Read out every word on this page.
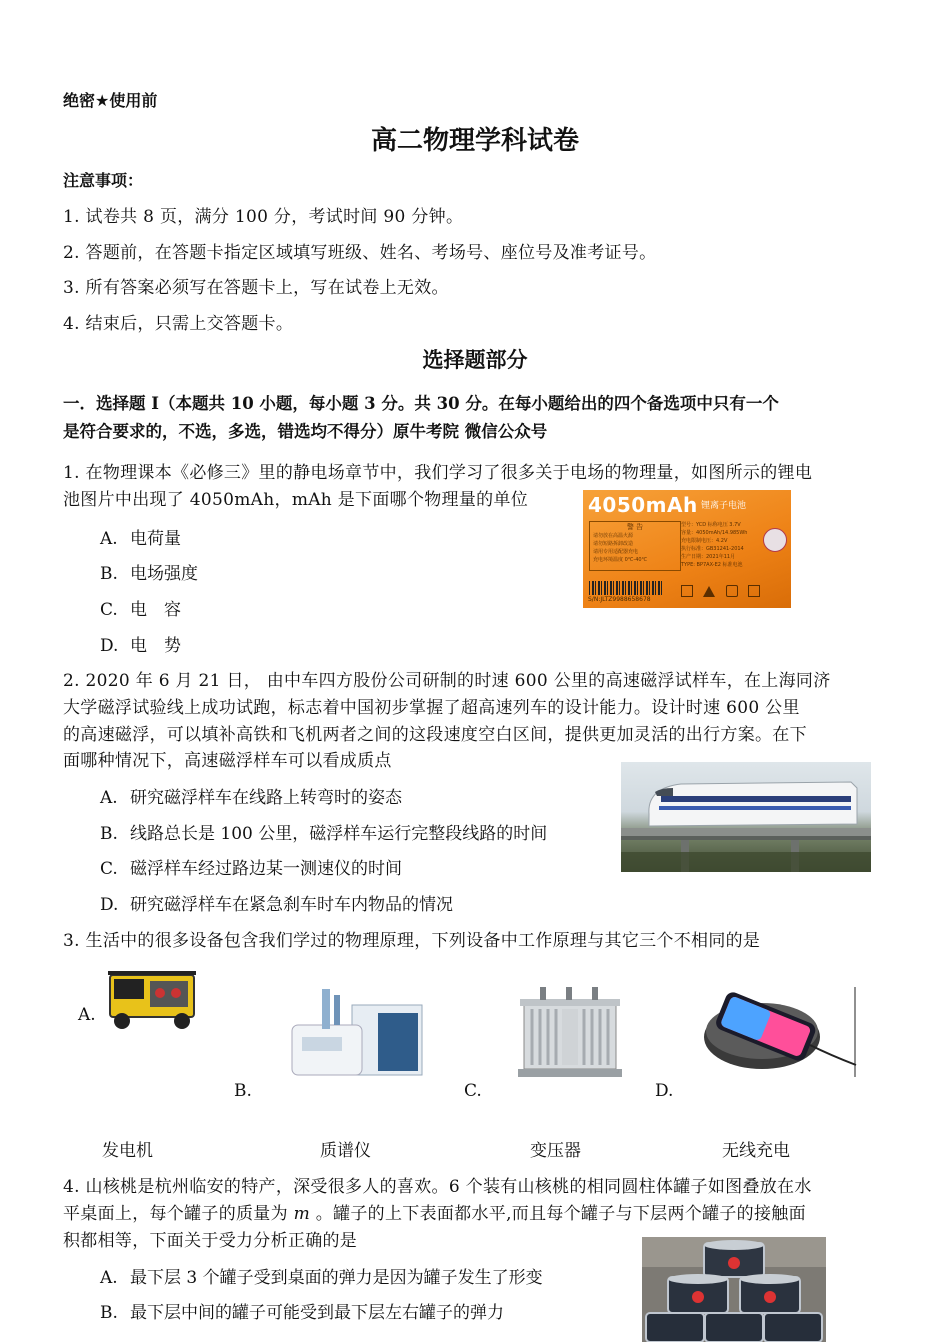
绝密★使用前
高二物理学科试卷
注意事项：
1. 试卷共 8 页，满分 100 分，考试时间 90 分钟。
2. 答题前，在答题卡指定区域填写班级、姓名、考场号、座位号及准考证号。
3. 所有答案必须写在答题卡上，写在试卷上无效。
4. 结束后，只需上交答题卡。
选择题部分
一．选择题 I（本题共 10 小题，每小题 3 分。共 30 分。在每小题给出的四个备选项中只有一个
是符合要求的，不选，多选，错选均不得分）原牛考院 微信公众号
1. 在物理课本《必修三》里的静电场章节中，我们学习了很多关于电场的物理量，如图所示的锂电
池图片中出现了 4050mAh，mAh 是下面哪个物理量的单位
A. 电荷量
B. 电场强度
C. 电　容
D. 电　势
4050mAh 锂离子电池
警 告
请勿放在高温火源
请勿短路拆卸改造
请用专用适配器充电
充电环境温度 0℃-40℃
型号：YCD 标称电压 3.7V
容量：4050mAh/14.985Wh
充电限制电压：4.2V
执行标准：GB31241-2014
生产日期：2021年11月
TYPE: BP7AX-E2 标准电池
S/N:JLTZ9988658678

2. 2020 年 6 月 21 日， 由中车四方股份公司研制的时速 600 公里的高速磁浮试样车，在上海同济
大学磁浮试验线上成功试跑，标志着中国初步掌握了超高速列车的设计能力。设计时速 600 公里
的高速磁浮，可以填补高铁和飞机两者之间的这段速度空白区间，提供更加灵活的出行方案。在下
面哪种情况下，高速磁浮样车可以看成质点
A. 研究磁浮样车在线路上转弯时的姿态
B. 线路总长是 100 公里，磁浮样车运行完整段线路的时间
C. 磁浮样车经过路边某一测速仪的时间
D. 研究磁浮样车在紧急刹车时车内物品的情况
3. 生活中的很多设备包含我们学过的物理原理，下列设备中工作原理与其它三个不相同的是
A.
B.	C.	D.
发电机	质谱仪	变压器	无线充电
4. 山核桃是杭州临安的特产，深受很多人的喜欢。6 个装有山核桃的相同圆柱体罐子如图叠放在水
平桌面上，每个罐子的质量为 m 。罐子的上下表面都水平,而且每个罐子与下层两个罐子的接触面
积都相等，下面关于受力分析正确的是
A. 最下层 3 个罐子受到桌面的弹力是因为罐子发生了形变
B. 最下层中间的罐子可能受到最下层左右罐子的弹力
